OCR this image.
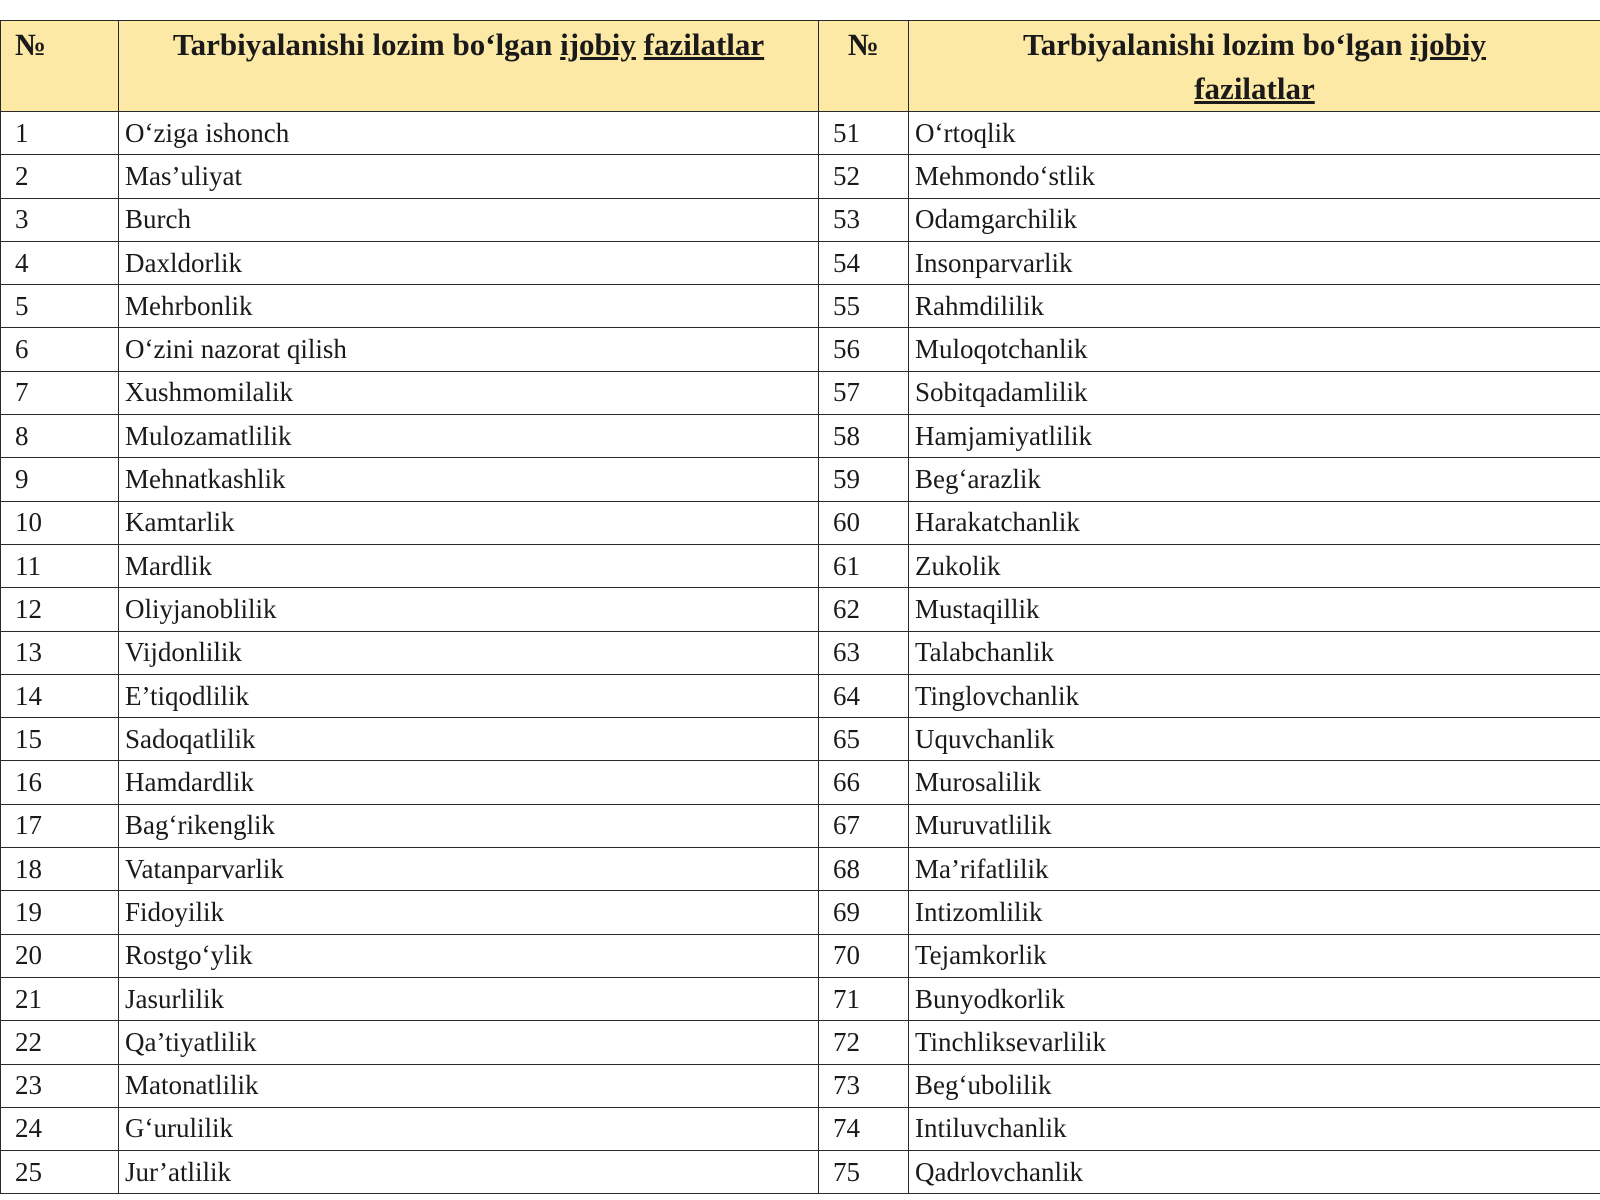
№	Tarbiyalanishi lozim bo‘lgan ijobiy fazilatlar	№	Tarbiyalanishi lozim bo‘lgan ijobiy
fazilatlar
1	O‘ziga ishonch	51	O‘rtoqlik
2	Mas’uliyat	52	Mehmondo‘stlik
3	Burch	53	Odamgarchilik
4	Daxldorlik	54	Insonparvarlik
5	Mehrbonlik	55	Rahmdililik
6	O‘zini nazorat qilish	56	Muloqotchanlik
7	Xushmomilalik	57	Sobitqadamlilik
8	Mulozamatlilik	58	Hamjamiyatlilik
9	Mehnatkashlik	59	Beg‘arazlik
10	Kamtarlik	60	Harakatchanlik
11	Mardlik	61	Zukolik
12	Oliyjanoblilik	62	Mustaqillik
13	Vijdonlilik	63	Talabchanlik
14	E’tiqodlilik	64	Tinglovchanlik
15	Sadoqatlilik	65	Uquvchanlik
16	Hamdardlik	66	Murosalilik
17	Bag‘rikenglik	67	Muruvatlilik
18	Vatanparvarlik	68	Ma’rifatlilik
19	Fidoyilik	69	Intizomlilik
20	Rostgo‘ylik	70	Tejamkorlik
21	Jasurlilik	71	Bunyodkorlik
22	Qa’tiyatlilik	72	Tinchliksevarlilik
23	Matonatlilik	73	Beg‘ubolilik
24	G‘urulilik	74	Intiluvchanlik
25	Jur’atlilik	75	Qadrlovchanlik
